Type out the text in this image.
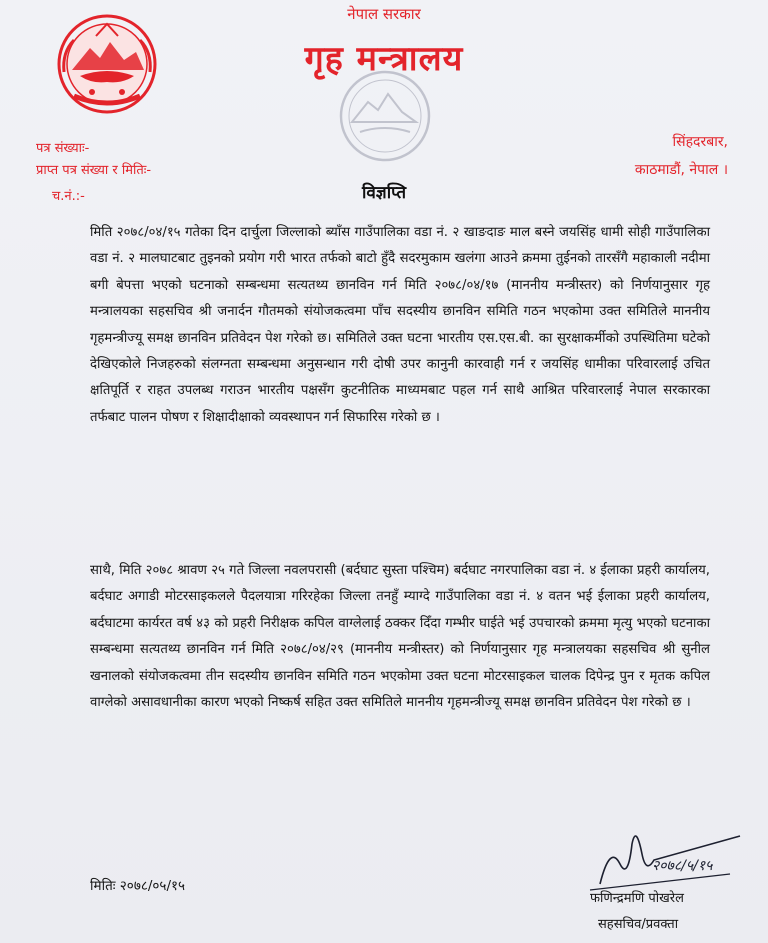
नेपाल सरकार
गृह मन्त्रालय
पत्र संख्याः-
प्राप्त पत्र संख्या र मितिः-
च.नं.:-
सिंहदरबार,
काठमाडौं, नेपाल ।
विज्ञप्ति
मिति २०७८/०४/१५ गतेका दिन दार्चुला जिल्लाको ब्याँस गाउँपालिका वडा नं. २ खाङदाङ माल बस्ने जयसिंह धामी सोही गाउँपालिका वडा नं. २ मालघाटबाट तुइनको प्रयोग गरी भारत तर्फको बाटो हुँदै सदरमुकाम खलंगा आउने क्रममा तुईनको तारसँगै महाकाली नदीमा बगी बेपत्ता भएको घटनाको सम्बन्धमा सत्यतथ्य छानविन गर्न मिति २०७८/०४/१७ (माननीय मन्त्रीस्तर) को निर्णयानुसार गृह मन्त्रालयका सहसचिव श्री जनार्दन गौतमको संयोजकत्वमा पाँच सदस्यीय छानविन समिति गठन भएकोमा उक्त समितिले माननीय गृहमन्त्रीज्यू समक्ष छानविन प्रतिवेदन पेश गरेको छ। समितिले उक्त घटना भारतीय एस.एस.बी. का सुरक्षाकर्मीको उपस्थितिमा घटेको देखिएकोले निजहरुको संलग्नता सम्बन्धमा अनुसन्धान गरी दोषी उपर कानुनी कारवाही गर्न र जयसिंह धामीका परिवारलाई उचित क्षतिपूर्ति र राहत उपलब्ध गराउन भारतीय पक्षसँग कुटनीतिक माध्यमबाट पहल गर्न साथै आश्रित परिवारलाई नेपाल सरकारका तर्फबाट पालन पोषण र शिक्षादीक्षाको व्यवस्थापन गर्न सिफारिस गरेको छ ।
साथै, मिति २०७८ श्रावण २५ गते जिल्ला नवलपरासी (बर्दघाट सुस्ता पश्चिम) बर्दघाट नगरपालिका वडा नं. ४ ईलाका प्रहरी कार्यालय, बर्दघाट अगाडी मोटरसाइकलले पैदलयात्रा गरिरहेका जिल्ला तनहुँ म्याग्दे गाउँपालिका वडा नं. ४ वतन भई ईलाका प्रहरी कार्यालय, बर्दघाटमा कार्यरत वर्ष ४३ को प्रहरी निरीक्षक कपिल वाग्लेलाई ठक्कर दिँदा गम्भीर घाईते भई उपचारको क्रममा मृत्यु भएको घटनाका सम्बन्धमा सत्यतथ्य छानविन गर्न मिति २०७८/०४/२९ (माननीय मन्त्रीस्तर) को निर्णयानुसार गृह मन्त्रालयका सहसचिव श्री सुनील खनालको संयोजकत्वमा तीन सदस्यीय छानविन समिति गठन भएकोमा उक्त घटना मोटरसाइकल चालक दिपेन्द्र पुन र मृतक कपिल वाग्लेको असावधानीका कारण भएको निष्कर्ष सहित उक्त समितिले माननीय गृहमन्त्रीज्यू समक्ष छानविन प्रतिवेदन पेश गरेको छ ।
मितिः २०७८/०५/१५
२०७८/५/१५
फणिन्द्रमणि पोखरेल
सहसचिव/प्रवक्ता
